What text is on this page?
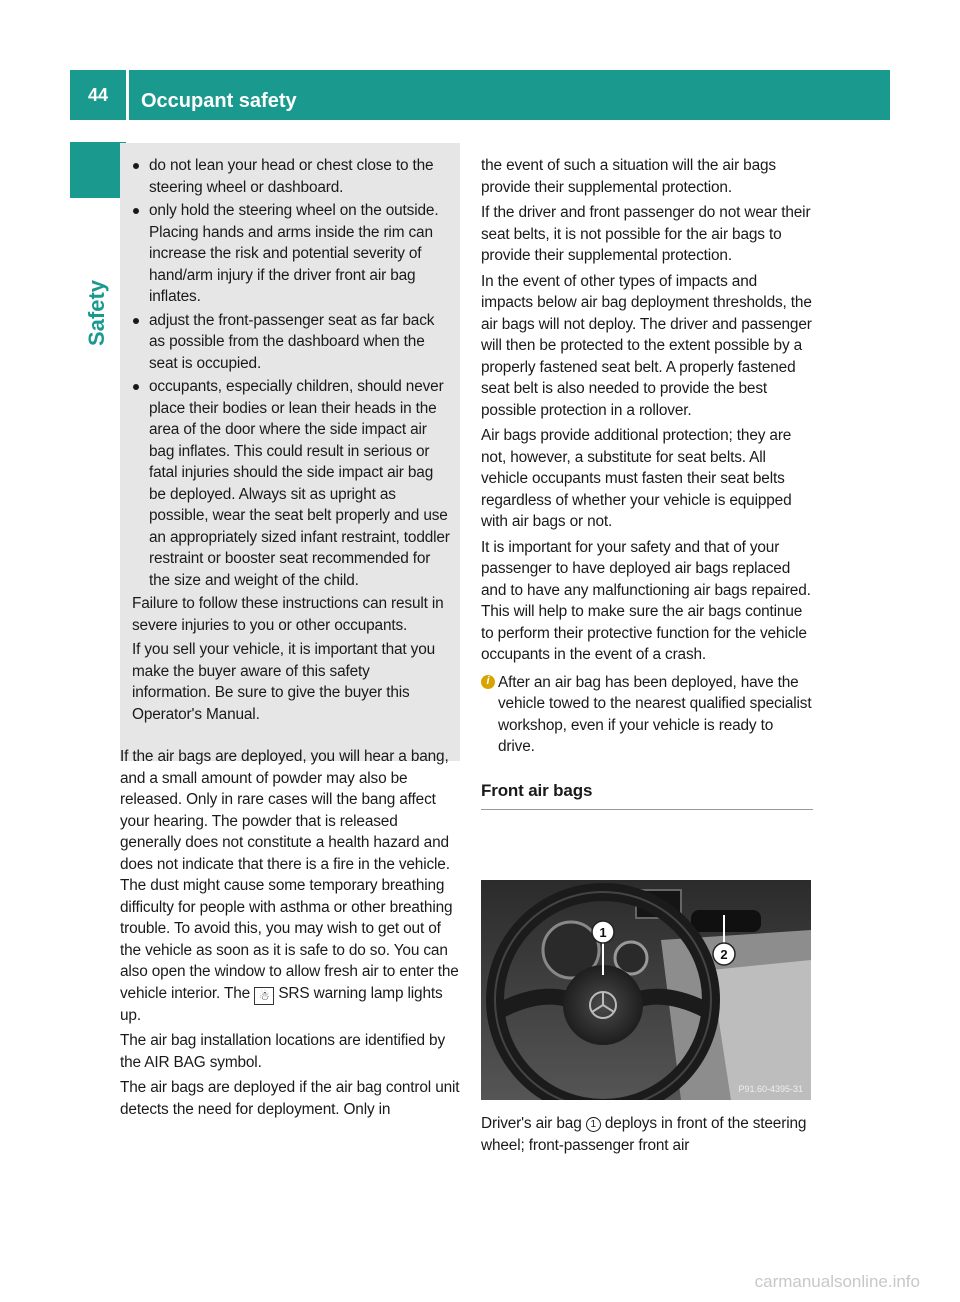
44	Occupant safety
Safety
do not lean your head or chest close to the steering wheel or dashboard.
only hold the steering wheel on the outside. Placing hands and arms inside the rim can increase the risk and potential severity of hand/arm injury if the driver front air bag inflates.
adjust the front-passenger seat as far back as possible from the dashboard when the seat is occupied.
occupants, especially children, should never place their bodies or lean their heads in the area of the door where the side impact air bag inflates. This could result in serious or fatal injuries should the side impact air bag be deployed. Always sit as upright as possible, wear the seat belt properly and use an appropriately sized infant restraint, toddler restraint or booster seat recommended for the size and weight of the child.

Failure to follow these instructions can result in severe injuries to you or other occupants.

If you sell your vehicle, it is important that you make the buyer aware of this safety information. Be sure to give the buyer this Operator's Manual.

If the air bags are deployed, you will hear a bang, and a small amount of powder may also be released. Only in rare cases will the bang affect your hearing. The powder that is released generally does not constitute a health hazard and does not indicate that there is a fire in the vehicle. The dust might cause some temporary breathing difficulty for people with asthma or other breathing trouble. To avoid this, you may wish to get out of the vehicle as soon as it is safe to do so. You can also open the window to allow fresh air to enter the vehicle interior. The ☃ SRS warning lamp lights up.

The air bag installation locations are identified by the AIR BAG symbol.

The air bags are deployed if the air bag control unit detects the need for deployment. Only in

the event of such a situation will the air bags provide their supplemental protection.

If the driver and front passenger do not wear their seat belts, it is not possible for the air bags to provide their supplemental protection.

In the event of other types of impacts and impacts below air bag deployment thresholds, the air bags will not deploy. The driver and passenger will then be protected to the extent possible by a properly fastened seat belt. A properly fastened seat belt is also needed to provide the best possible protection in a rollover.

Air bags provide additional protection; they are not, however, a substitute for seat belts. All vehicle occupants must fasten their seat belts regardless of whether your vehicle is equipped with air bags or not.

It is important for your safety and that of your passenger to have deployed air bags replaced and to have any malfunctioning air bags repaired. This will help to make sure the air bags continue to perform their protective function for the vehicle occupants in the event of a crash.

i After an air bag has been deployed, have the vehicle towed to the nearest qualified specialist workshop, even if your vehicle is ready to drive.
Front air bags
1
2
P91.60-4395-31
Driver's air bag 1 deploys in front of the steering wheel; front-passenger front air
carmanualsonline.info
